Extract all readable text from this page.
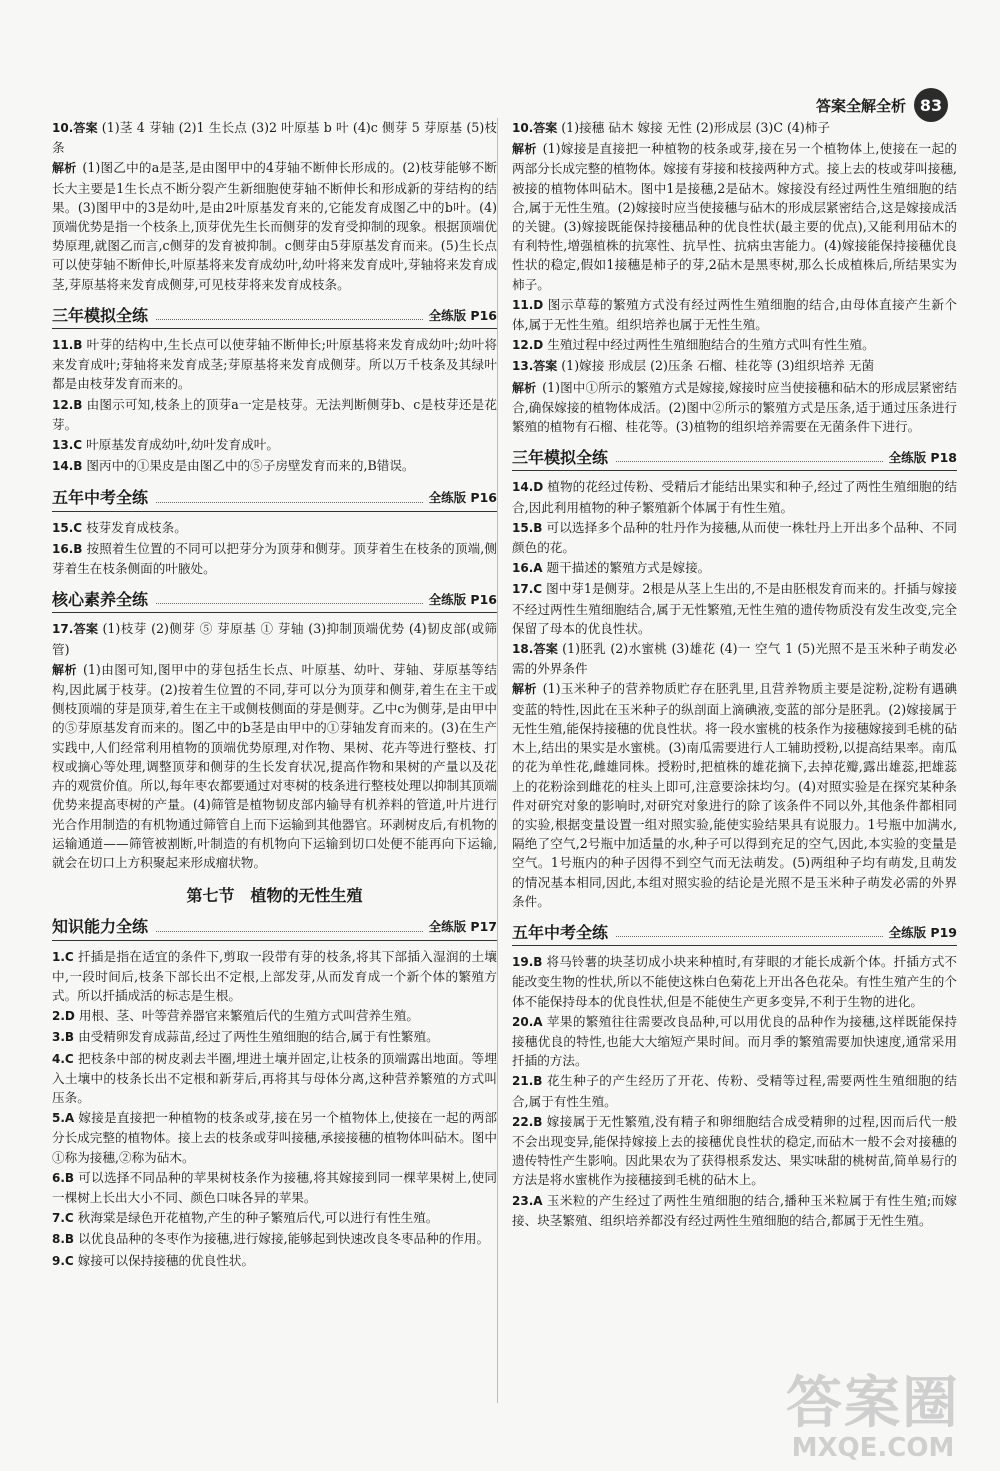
答案全解全析 83

10.答案 (1)茎 4 芽轴 (2)1 生长点 (3)2 叶原基 b 叶 (4)c 侧芽 5 芽原基 (5)枝条

解析 (1)图乙中的a是茎,是由图甲中的4芽轴不断伸长形成的。(2)枝芽能够不断长大主要是1生长点不断分裂产生新细胞使芽轴不断伸长和形成新的芽结构的结果。(3)图甲中的3是幼叶,是由2叶原基发育来的,它能发育成图乙中的b叶。(4)顶端优势是指一个枝条上,顶芽优先生长而侧芽的发育受抑制的现象。根据顶端优势原理,就图乙而言,c侧芽的发育被抑制。c侧芽由5芽原基发育而来。(5)生长点可以使芽轴不断伸长,叶原基将来发育成幼叶,幼叶将来发育成叶,芽轴将来发育成茎,芽原基将来发育成侧芽,可见枝芽将来发育成枝条。

三年模拟全练	全练版 P16

11.B 叶芽的结构中,生长点可以使芽轴不断伸长;叶原基将来发育成幼叶;幼叶将来发育成叶;芽轴将来发育成茎;芽原基将来发育成侧芽。所以万千枝条及其绿叶都是由枝芽发育而来的。

12.B 由图示可知,枝条上的顶芽a一定是枝芽。无法判断侧芽b、c是枝芽还是花芽。

13.C 叶原基发育成幼叶,幼叶发育成叶。

14.B 图丙中的①果皮是由图乙中的⑤子房壁发育而来的,B错误。

五年中考全练	全练版 P16

15.C 枝芽发育成枝条。

16.B 按照着生位置的不同可以把芽分为顶芽和侧芽。顶芽着生在枝条的顶端,侧芽着生在枝条侧面的叶腋处。

核心素养全练	全练版 P16

17.答案 (1)枝芽 (2)侧芽 ⑤ 芽原基 ① 芽轴 (3)抑制顶端优势 (4)韧皮部(或筛管)

解析 (1)由图可知,图甲中的芽包括生长点、叶原基、幼叶、芽轴、芽原基等结构,因此属于枝芽。(2)按着生位置的不同,芽可以分为顶芽和侧芽,着生在主干或侧枝顶端的芽是顶芽,着生在主干或侧枝侧面的芽是侧芽。乙中c为侧芽,是由甲中的⑤芽原基发育而来的。图乙中的b茎是由甲中的①芽轴发育而来的。(3)在生产实践中,人们经常利用植物的顶端优势原理,对作物、果树、花卉等进行整枝、打杈或摘心等处理,调整顶芽和侧芽的生长发育状况,提高作物和果树的产量以及花卉的观赏价值。所以,每年枣农都要通过对枣树的枝条进行整枝处理以抑制其顶端优势来提高枣树的产量。(4)筛管是植物韧皮部内输导有机养料的管道,叶片进行光合作用制造的有机物通过筛管自上而下运输到其他器官。环剥树皮后,有机物的运输通道——筛管被割断,叶制造的有机物向下运输到切口处便不能再向下运输,就会在切口上方积聚起来形成瘤状物。

第七节　植物的无性生殖
知识能力全练	全练版 P17

1.C 扦插是指在适宜的条件下,剪取一段带有芽的枝条,将其下部插入湿润的土壤中,一段时间后,枝条下部长出不定根,上部发芽,从而发育成一个新个体的繁殖方式。所以扦插成活的标志是生根。

2.D 用根、茎、叶等营养器官来繁殖后代的生殖方式叫营养生殖。

3.B 由受精卵发育成蒜苗,经过了两性生殖细胞的结合,属于有性繁殖。

4.C 把枝条中部的树皮剥去半圈,埋进土壤并固定,让枝条的顶端露出地面。等埋入土壤中的枝条长出不定根和新芽后,再将其与母体分离,这种营养繁殖的方式叫压条。

5.A 嫁接是直接把一种植物的枝条或芽,接在另一个植物体上,使接在一起的两部分长成完整的植物体。接上去的枝条或芽叫接穗,承接接穗的植物体叫砧木。图中①称为接穗,②称为砧木。

6.B 可以选择不同品种的苹果树枝条作为接穗,将其嫁接到同一棵苹果树上,使同一棵树上长出大小不同、颜色口味各异的苹果。

7.C 秋海棠是绿色开花植物,产生的种子繁殖后代,可以进行有性生殖。

8.B 以优良品种的冬枣作为接穗,进行嫁接,能够起到快速改良冬枣品种的作用。

9.C 嫁接可以保持接穗的优良性状。

10.答案 (1)接穗 砧木 嫁接 无性 (2)形成层 (3)C (4)柿子

解析 (1)嫁接是直接把一种植物的枝条或芽,接在另一个植物体上,使接在一起的两部分长成完整的植物体。嫁接有芽接和枝接两种方式。接上去的枝或芽叫接穗,被接的植物体叫砧木。图中1是接穗,2是砧木。嫁接没有经过两性生殖细胞的结合,属于无性生殖。(2)嫁接时应当使接穗与砧木的形成层紧密结合,这是嫁接成活的关键。(3)嫁接既能保持接穗品种的优良性状(最主要的优点),又能利用砧木的有利特性,增强植株的抗寒性、抗旱性、抗病虫害能力。(4)嫁接能保持接穗优良性状的稳定,假如1接穗是柿子的芽,2砧木是黑枣树,那么长成植株后,所结果实为柿子。

11.D 图示草莓的繁殖方式没有经过两性生殖细胞的结合,由母体直接产生新个体,属于无性生殖。组织培养也属于无性生殖。

12.D 生殖过程中经过两性生殖细胞结合的生殖方式叫有性生殖。

13.答案 (1)嫁接 形成层 (2)压条 石榴、桂花等 (3)组织培养 无菌

解析 (1)图中①所示的繁殖方式是嫁接,嫁接时应当使接穗和砧木的形成层紧密结合,确保嫁接的植物体成活。(2)图中②所示的繁殖方式是压条,适于通过压条进行繁殖的植物有石榴、桂花等。(3)植物的组织培养需要在无菌条件下进行。

三年模拟全练	全练版 P18

14.D 植物的花经过传粉、受精后才能结出果实和种子,经过了两性生殖细胞的结合,因此利用植物的种子繁殖新个体属于有性生殖。

15.B 可以选择多个品种的牡丹作为接穗,从而使一株牡丹上开出多个品种、不同颜色的花。

16.A 题干描述的繁殖方式是嫁接。

17.C 图中芽1是侧芽。2根是从茎上生出的,不是由胚根发育而来的。扦插与嫁接不经过两性生殖细胞结合,属于无性繁殖,无性生殖的遗传物质没有发生改变,完全保留了母本的优良性状。

18.答案 (1)胚乳 (2)水蜜桃 (3)雄花 (4)一 空气 1 (5)光照不是玉米种子萌发必需的外界条件

解析 (1)玉米种子的营养物质贮存在胚乳里,且营养物质主要是淀粉,淀粉有遇碘变蓝的特性,因此在玉米种子的纵剖面上滴碘液,变蓝的部分是胚乳。(2)嫁接属于无性生殖,能保持接穗的优良性状。将一段水蜜桃的枝条作为接穗嫁接到毛桃的砧木上,结出的果实是水蜜桃。(3)南瓜需要进行人工辅助授粉,以提高结果率。南瓜的花为单性花,雌雄同株。授粉时,把植株的雄花摘下,去掉花瓣,露出雄蕊,把雄蕊上的花粉涂到雌花的柱头上即可,注意要涂抹均匀。(4)对照实验是在探究某种条件对研究对象的影响时,对研究对象进行的除了该条件不同以外,其他条件都相同的实验,根据变量设置一组对照实验,能使实验结果具有说服力。1号瓶中加满水,隔绝了空气,2号瓶中加适量的水,种子可以得到充足的空气,因此,本实验的变量是空气。1号瓶内的种子因得不到空气而无法萌发。(5)两组种子均有萌发,且萌发的情况基本相同,因此,本组对照实验的结论是光照不是玉米种子萌发必需的外界条件。

五年中考全练	全练版 P19

19.B 将马铃薯的块茎切成小块来种植时,有芽眼的才能长成新个体。扦插方式不能改变生物的性状,所以不能使这株白色菊花上开出各色花朵。有性生殖产生的个体不能保持母本的优良性状,但是不能使生产更多变异,不利于生物的进化。

20.A 苹果的繁殖往往需要改良品种,可以用优良的品种作为接穗,这样既能保持接穗优良的特性,也能大大缩短产果时间。而月季的繁殖需要加快速度,通常采用扦插的方法。

21.B 花生种子的产生经历了开花、传粉、受精等过程,需要两性生殖细胞的结合,属于有性生殖。

22.B 嫁接属于无性繁殖,没有精子和卵细胞结合成受精卵的过程,因而后代一般不会出现变异,能保持嫁接上去的接穗优良性状的稳定,而砧木一般不会对接穗的遗传特性产生影响。因此果农为了获得根系发达、果实味甜的桃树苗,简单易行的方法是将水蜜桃作为接穗接到毛桃的砧木上。

23.A 玉米粒的产生经过了两性生殖细胞的结合,播种玉米粒属于有性生殖;而嫁接、块茎繁殖、组织培养都没有经过两性生殖细胞的结合,都属于无性生殖。

答案圈
MXQE.COM
